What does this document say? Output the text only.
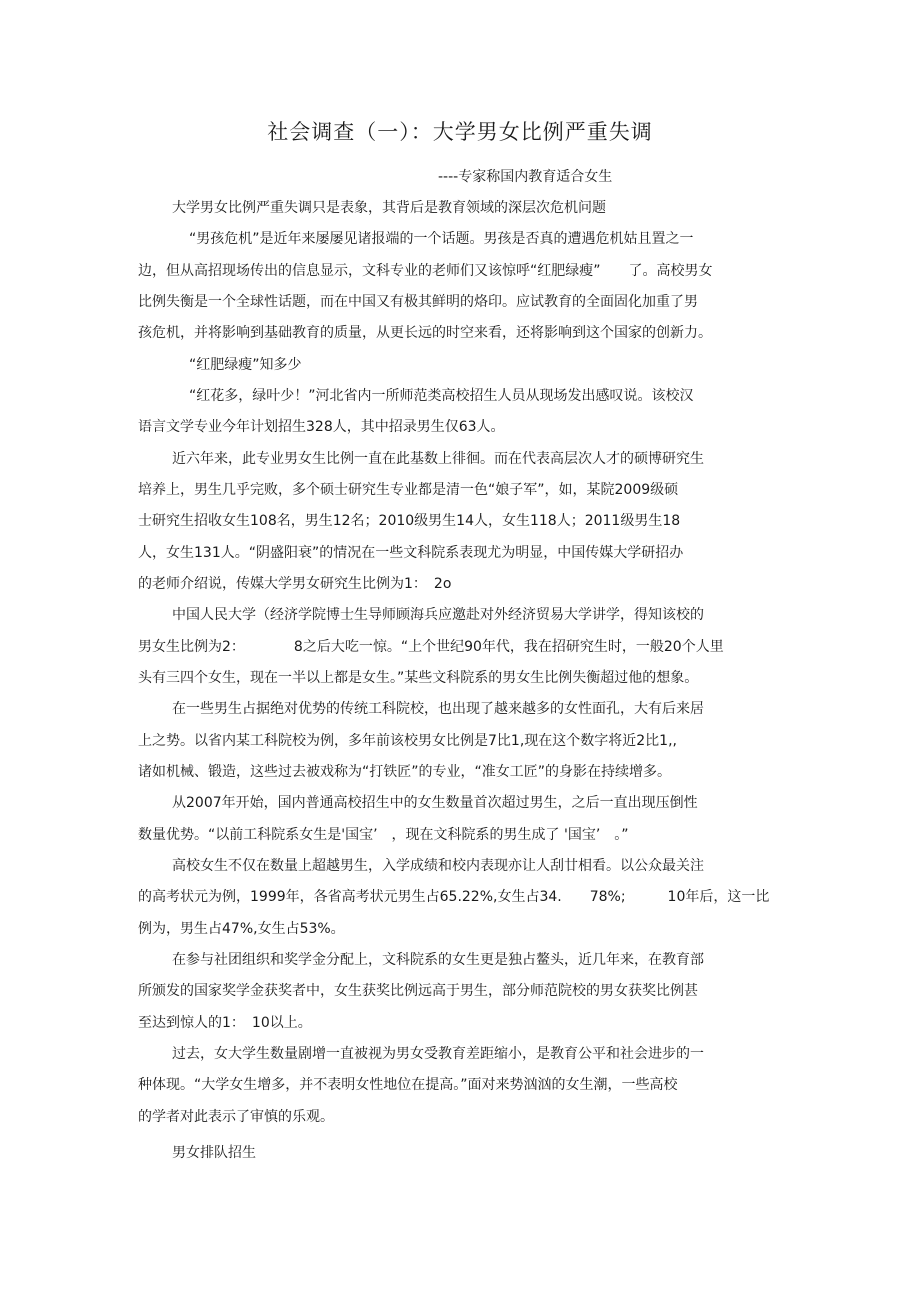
社会调查（一）：大学男女比例严重失调
----专家称国内教育适合女生
大学男女比例严重失调只是表象，其背后是教育领域的深层次危机问题
“男孩危机”是近年来屡屡见诸报端的一个话题。男孩是否真的遭遇危机姑且置之一
边，但从高招现场传出的信息显示，文科专业的老师们又该惊呼“红肥绿瘦”　　了。高校男女
比例失衡是一个全球性话题，而在中国又有极其鲜明的烙印。应试教育的全面固化加重了男
孩危机，并将影响到基础教育的质量，从更长远的时空来看，还将影响到这个国家的创新力。
“红肥绿瘦”知多少
“红花多，绿叶少！”河北省内一所师范类高校招生人员从现场发出感叹说。该校汉
语言文学专业今年计划招生328人，其中招录男生仅63人。
近六年来，此专业男女生比例一直在此基数上徘徊。而在代表高层次人才的硕博研究生
培养上，男生几乎完败，多个硕士研究生专业都是清一色“娘子军”，如，某院2009级硕
士研究生招收女生108名，男生12名；2010级男生14人，女生118人；2011级男生18
人，女生131人。“阴盛阳衰”的情况在一些文科院系表现尤为明显，中国传媒大学研招办
的老师介绍说，传媒大学男女研究生比例为1：　2o
中国人民大学（经济学院博士生导师顾海兵应邀赴对外经济贸易大学讲学，得知该校的
男女生比例为2：　　　　8之后大吃一惊。“上个世纪90年代，我在招研究生时，一般20个人里
头有三四个女生，现在一半以上都是女生。”某些文科院系的男女生比例失衡超过他的想象。
在一些男生占据绝对优势的传统工科院校，也出现了越来越多的女性面孔，大有后来居
上之势。以省内某工科院校为例，多年前该校男女比例是7比1,现在这个数字将近2比1,,
诸如机械、锻造，这些过去被戏称为“打铁匠”的专业，“准女工匠”的身影在持续增多。
从2007年开始，国内普通高校招生中的女生数量首次超过男生，之后一直出现压倒性
数量优势。“以前工科院系女生是'国宝’　，现在文科院系的男生成了 '国宝’　。”
高校女生不仅在数量上超越男生，入学成绩和校内表现亦让人刮廿相看。以公众最关注
的高考状元为例，1999年，各省高考状元男生占65.22%,女生占34.　　78%;　　　10年后，这一比
例为，男生占47%,女生占53%。
在参与社团组织和奖学金分配上，文科院系的女生更是独占鳌头，近几年来，在教育部
所颁发的国家奖学金获奖者中，女生获奖比例远高于男生，部分师范院校的男女获奖比例甚
至达到惊人的1：　10以上。
过去，女大学生数量剧增一直被视为男女受教育差距缩小，是教育公平和社会进步的一
种体现。“大学女生增多，并不表明女性地位在提高。”面对来势汹汹的女生潮，一些高校
的学者对此表示了审慎的乐观。
男女排队招生
